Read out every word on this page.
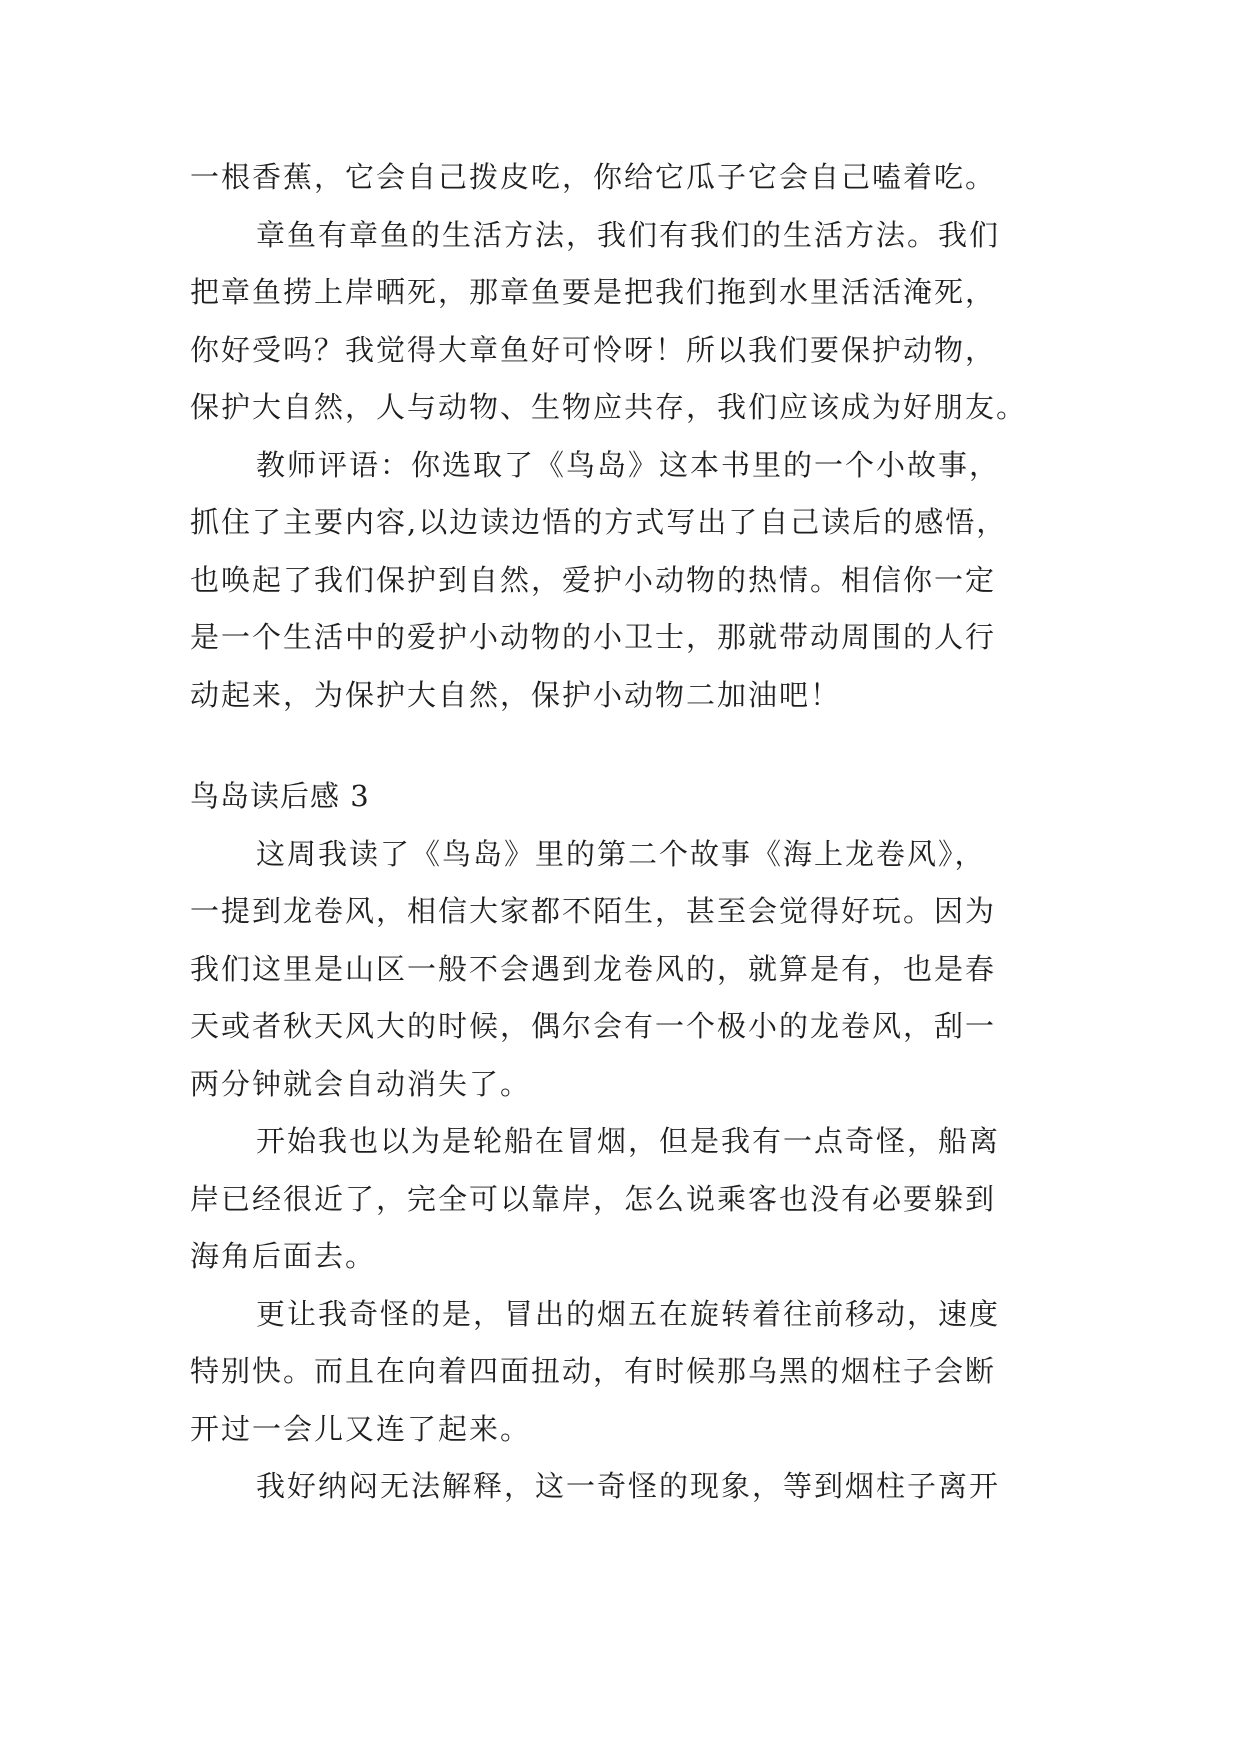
一根香蕉，它会自己拨皮吃，你给它瓜子它会自己嗑着吃。
章鱼有章鱼的生活方法，我们有我们的生活方法。我们
把章鱼捞上岸晒死，那章鱼要是把我们拖到水里活活淹死，
你好受吗？我觉得大章鱼好可怜呀！所以我们要保护动物，
保护大自然，人与动物、生物应共存，我们应该成为好朋友。
教师评语：你选取了《鸟岛》这本书里的一个小故事，
抓住了主要内容,以边读边悟的方式写出了自己读后的感悟，
也唤起了我们保护到自然，爱护小动物的热情。相信你一定
是一个生活中的爱护小动物的小卫士，那就带动周围的人行
动起来，为保护大自然，保护小动物二加油吧！
鸟岛读后感 3
这周我读了《鸟岛》里的第二个故事《海上龙卷风》，
一提到龙卷风，相信大家都不陌生，甚至会觉得好玩。因为
我们这里是山区一般不会遇到龙卷风的，就算是有，也是春
天或者秋天风大的时候，偶尔会有一个极小的龙卷风，刮一
两分钟就会自动消失了。
开始我也以为是轮船在冒烟，但是我有一点奇怪，船离
岸已经很近了，完全可以靠岸，怎么说乘客也没有必要躲到
海角后面去。
更让我奇怪的是，冒出的烟五在旋转着往前移动，速度
特别快。而且在向着四面扭动，有时候那乌黑的烟柱子会断
开过一会儿又连了起来。
我好纳闷无法解释，这一奇怪的现象，等到烟柱子离开
